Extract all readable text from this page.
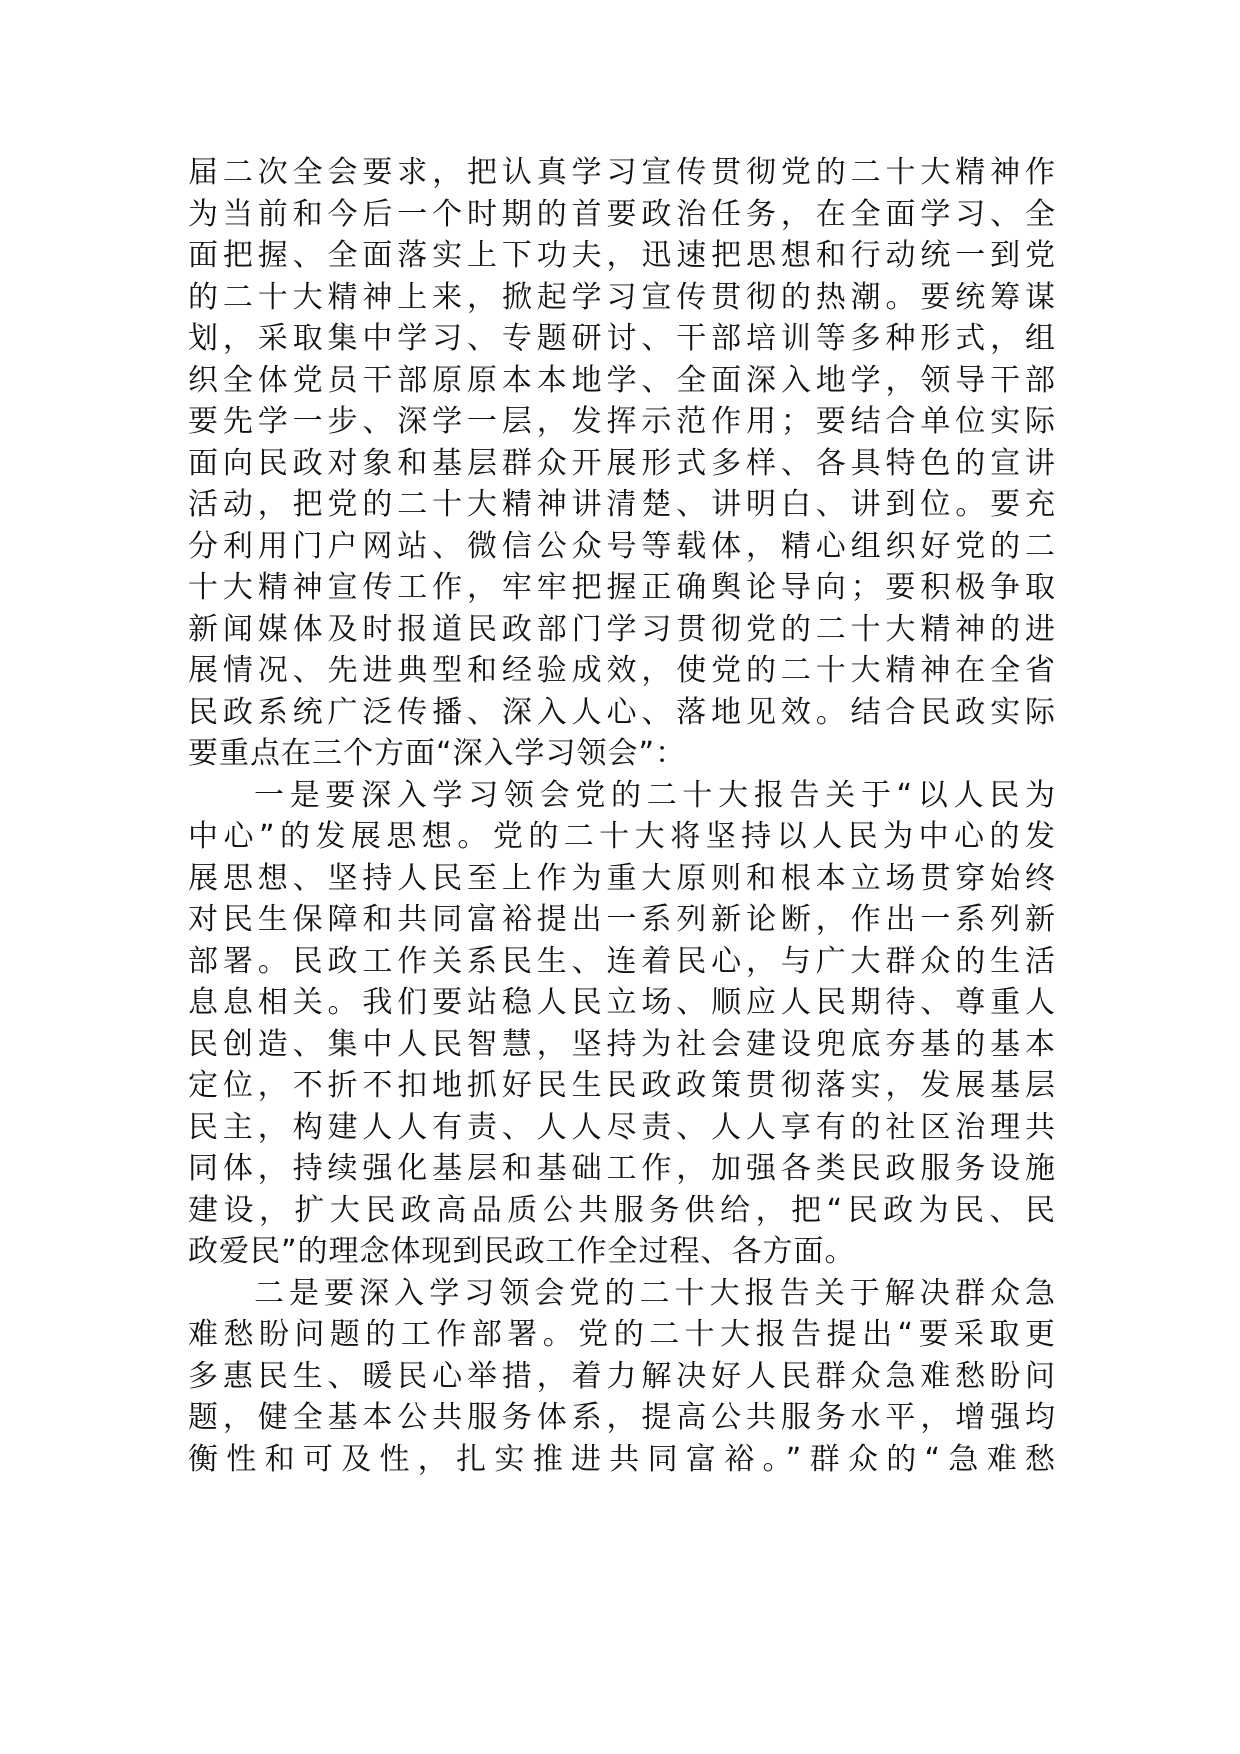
届二次全会要求，把认真学习宣传贯彻党的二十大精神作
为当前和今后一个时期的首要政治任务，在全面学习、全
面把握、全面落实上下功夫，迅速把思想和行动统一到党
的二十大精神上来，掀起学习宣传贯彻的热潮。要统筹谋
划，采取集中学习、专题研讨、干部培训等多种形式，组
织全体党员干部原原本本地学、全面深入地学，领导干部
要先学一步、深学一层，发挥示范作用；要结合单位实际
面向民政对象和基层群众开展形式多样、各具特色的宣讲
活动，把党的二十大精神讲清楚、讲明白、讲到位。要充
分利用门户网站、微信公众号等载体，精心组织好党的二
十大精神宣传工作，牢牢把握正确舆论导向；要积极争取
新闻媒体及时报道民政部门学习贯彻党的二十大精神的进
展情况、先进典型和经验成效，使党的二十大精神在全省
民政系统广泛传播、深入人心、落地见效。结合民政实际
要重点在三个方面“深入学习领会”：
一是要深入学习领会党的二十大报告关于“以人民为
中心”的发展思想。党的二十大将坚持以人民为中心的发
展思想、坚持人民至上作为重大原则和根本立场贯穿始终
对民生保障和共同富裕提出一系列新论断，作出一系列新
部署。民政工作关系民生、连着民心，与广大群众的生活
息息相关。我们要站稳人民立场、顺应人民期待、尊重人
民创造、集中人民智慧，坚持为社会建设兜底夯基的基本
定位，不折不扣地抓好民生民政政策贯彻落实，发展基层
民主，构建人人有责、人人尽责、人人享有的社区治理共
同体，持续强化基层和基础工作，加强各类民政服务设施
建设，扩大民政高品质公共服务供给，把“民政为民、民
政爱民”的理念体现到民政工作全过程、各方面。
二是要深入学习领会党的二十大报告关于解决群众急
难愁盼问题的工作部署。党的二十大报告提出“要采取更
多惠民生、暖民心举措，着力解决好人民群众急难愁盼问
题，健全基本公共服务体系，提高公共服务水平，增强均
衡性和可及性，扎实推进共同富裕。”群众的“急难愁
